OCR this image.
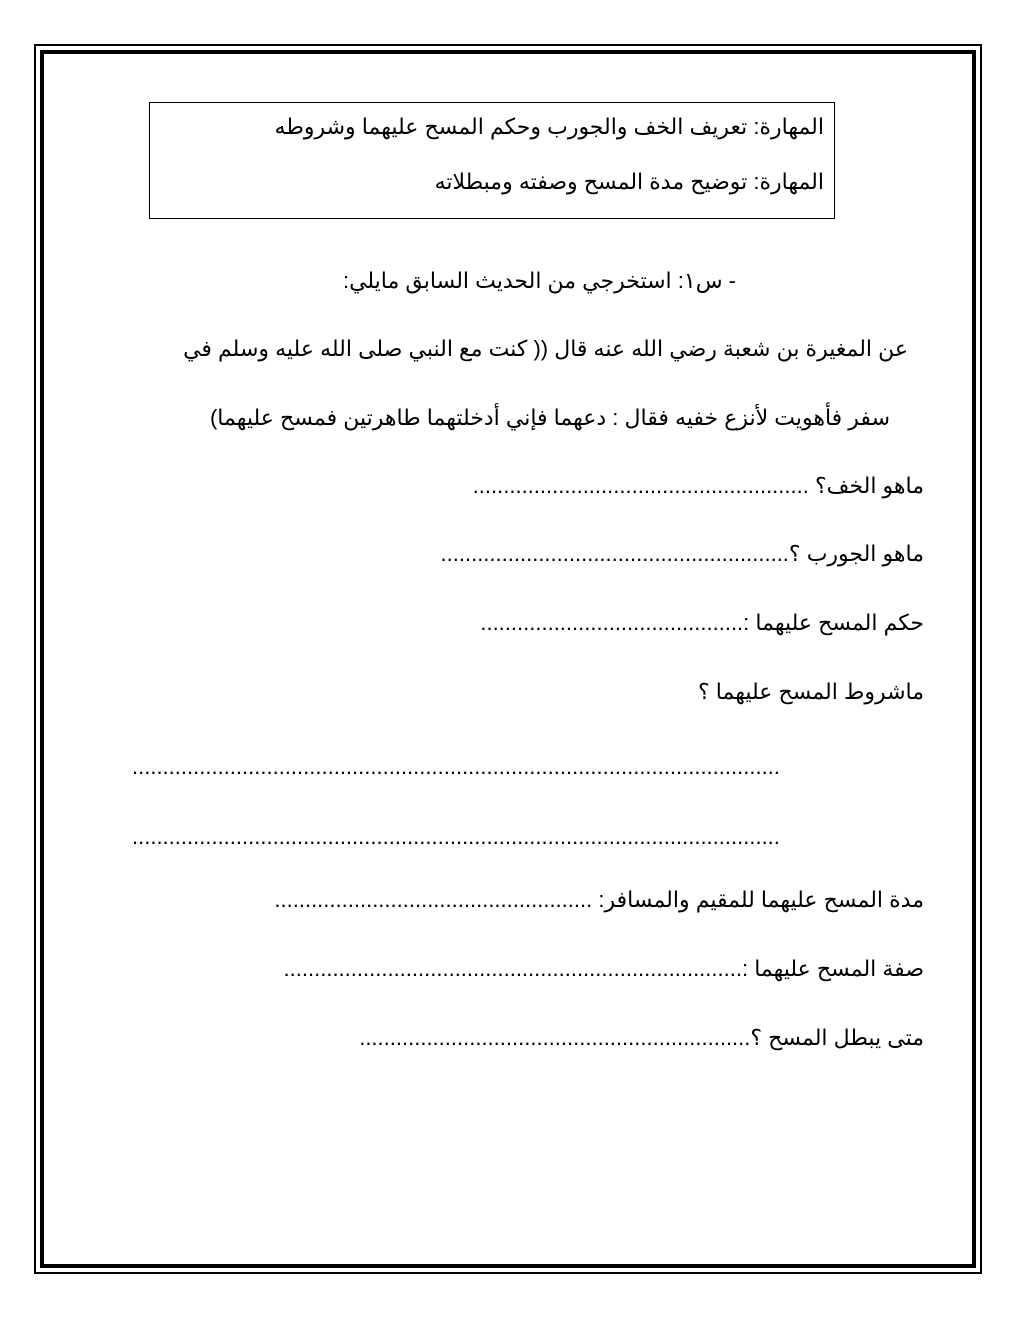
المهارة: تعريف الخف والجورب وحكم المسح عليهما وشروطه
المهارة: توضيح مدة المسح وصفته ومبطلاته
- س١: استخرجي من الحديث السابق مايلي:
عن المغيرة بن شعبة رضي الله عنه قال (( كنت مع النبي صلى الله عليه وسلم في
سفر فأهويت لأنزع خفيه فقال : دعهما فإني أدخلتهما طاهرتين فمسح عليهما)
ماهو الخف؟ .......................................................
ماهو الجورب ؟.........................................................
حكم المسح عليهما :...........................................
ماشروط المسح عليهما ؟
..........................................................................................................
..........................................................................................................
مدة المسح عليهما للمقيم والمسافر: ....................................................
صفة المسح عليهما :...........................................................................
متى يبطل المسح ؟................................................................
